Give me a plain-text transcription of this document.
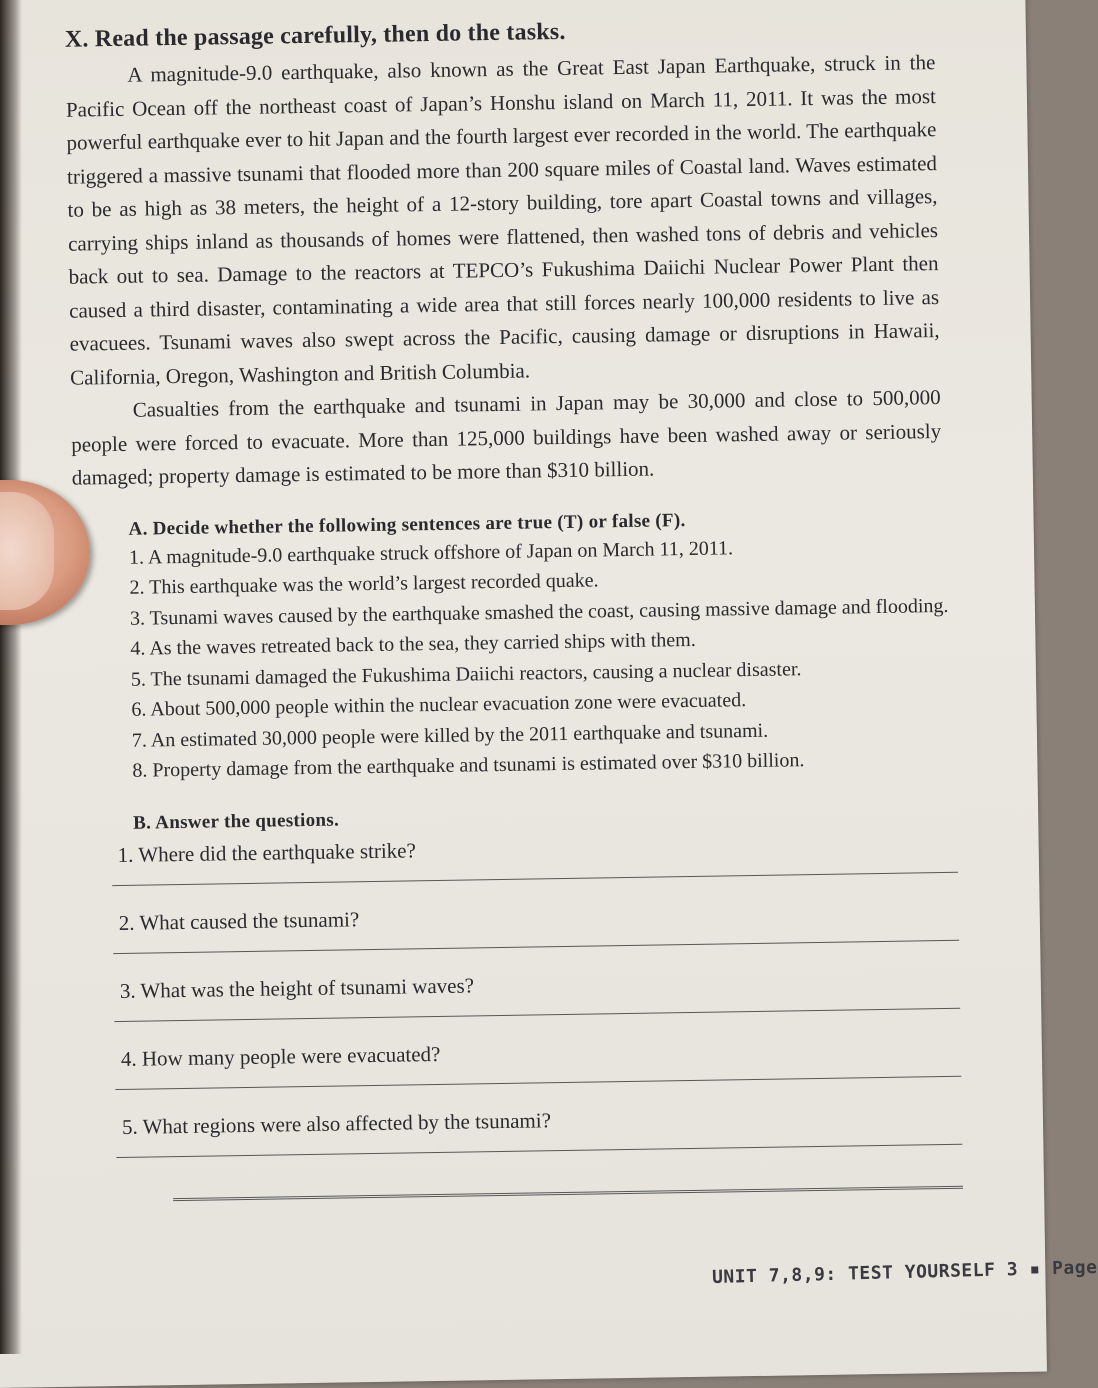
X. Read the passage carefully, then do the tasks.

A magnitude-9.0 earthquake, also known as the Great East Japan Earthquake, struck in the Pacific Ocean off the northeast coast of Japan’s Honshu island on March 11, 2011. It was the most powerful earthquake ever to hit Japan and the fourth largest ever recorded in the world. The earthquake triggered a massive tsunami that flooded more than 200 square miles of Coastal land. Waves estimated to be as high as 38 meters, the height of a 12-story building, tore apart Coastal towns and villages, carrying ships inland as thousands of homes were flattened, then washed tons of debris and vehicles back out to sea. Damage to the reactors at TEPCO’s Fukushima Daiichi Nuclear Power Plant then caused a third disaster, contaminating a wide area that still forces nearly 100,000 residents to live as evacuees. Tsunami waves also swept across the Pacific, causing damage or disruptions in Hawaii, California, Oregon, Washington and British Columbia.

Casualties from the earthquake and tsunami in Japan may be 30,000 and close to 500,000 people were forced to evacuate. More than 125,000 buildings have been washed away or seriously damaged; property damage is estimated to be more than $310 billion.

A. Decide whether the following sentences are true (T) or false (F).
1. A magnitude-9.0 earthquake struck offshore of Japan on March 11, 2011.
2. This earthquake was the world’s largest recorded quake.
3. Tsunami waves caused by the earthquake smashed the coast, causing massive damage and flooding.
4. As the waves retreated back to the sea, they carried ships with them.
5. The tsunami damaged the Fukushima Daiichi reactors, causing a nuclear disaster.
6. About 500,000 people within the nuclear evacuation zone were evacuated.
7. An estimated 30,000 people were killed by the 2011 earthquake and tsunami.
8. Property damage from the earthquake and tsunami is estimated over $310 billion.
B. Answer the questions.
1. Where did the earthquake strike?
2. What caused the tsunami?
3. What was the height of tsunami waves?
4. How many people were evacuated?
5. What regions were also affected by the tsunami?
UNIT 7,8,9: TEST YOURSELF 3 ▪ Page
